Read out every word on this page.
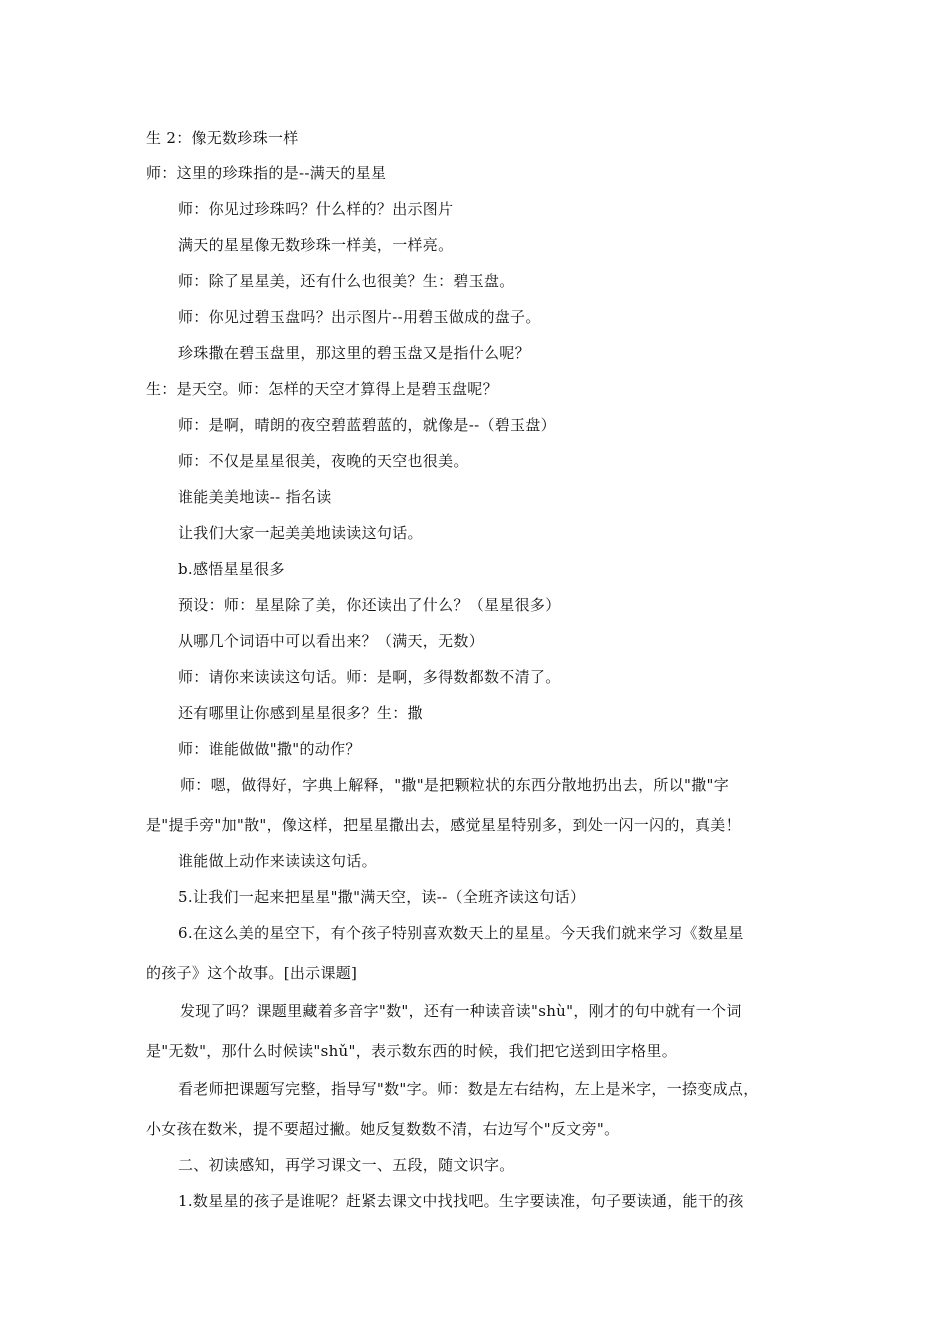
生 2：像无数珍珠一样
师：这里的珍珠指的是--满天的星星
师：你见过珍珠吗？什么样的？出示图片
满天的星星像无数珍珠一样美，一样亮。
师：除了星星美，还有什么也很美？生：碧玉盘。
师：你见过碧玉盘吗？出示图片--用碧玉做成的盘子。
珍珠撒在碧玉盘里，那这里的碧玉盘又是指什么呢？
生：是天空。师：怎样的天空才算得上是碧玉盘呢？
师：是啊，晴朗的夜空碧蓝碧蓝的，就像是--（碧玉盘）
师：不仅是星星很美，夜晚的天空也很美。
谁能美美地读-- 指名读
让我们大家一起美美地读读这句话。
b.感悟星星很多
预设：师：星星除了美，你还读出了什么？（星星很多）
从哪几个词语中可以看出来？（满天，无数）
师：请你来读读这句话。师：是啊，多得数都数不清了。
还有哪里让你感到星星很多？生：撒
师：谁能做做"撒"的动作？
师：嗯，做得好，字典上解释，"撒"是把颗粒状的东西分散地扔出去，所以"撒"字
是"提手旁"加"散"，像这样，把星星撒出去，感觉星星特别多，到处一闪一闪的，真美！
谁能做上动作来读读这句话。
5.让我们一起来把星星"撒"满天空，读--（全班齐读这句话）
6.在这么美的星空下，有个孩子特别喜欢数天上的星星。今天我们就来学习《数星星
的孩子》这个故事。[出示课题]
发现了吗？课题里藏着多音字"数"，还有一种读音读"shù"，刚才的句中就有一个词
是"无数"，那什么时候读"shǔ"，表示数东西的时候，我们把它送到田字格里。
看老师把课题写完整，指导写"数"字。师：数是左右结构，左上是米字，一捺变成点，
小女孩在数米，提不要超过撇。她反复数数不清，右边写个"反文旁"。
二、初读感知，再学习课文一、五段，随文识字。
1.数星星的孩子是谁呢？赶紧去课文中找找吧。生字要读准，句子要读通，能干的孩
